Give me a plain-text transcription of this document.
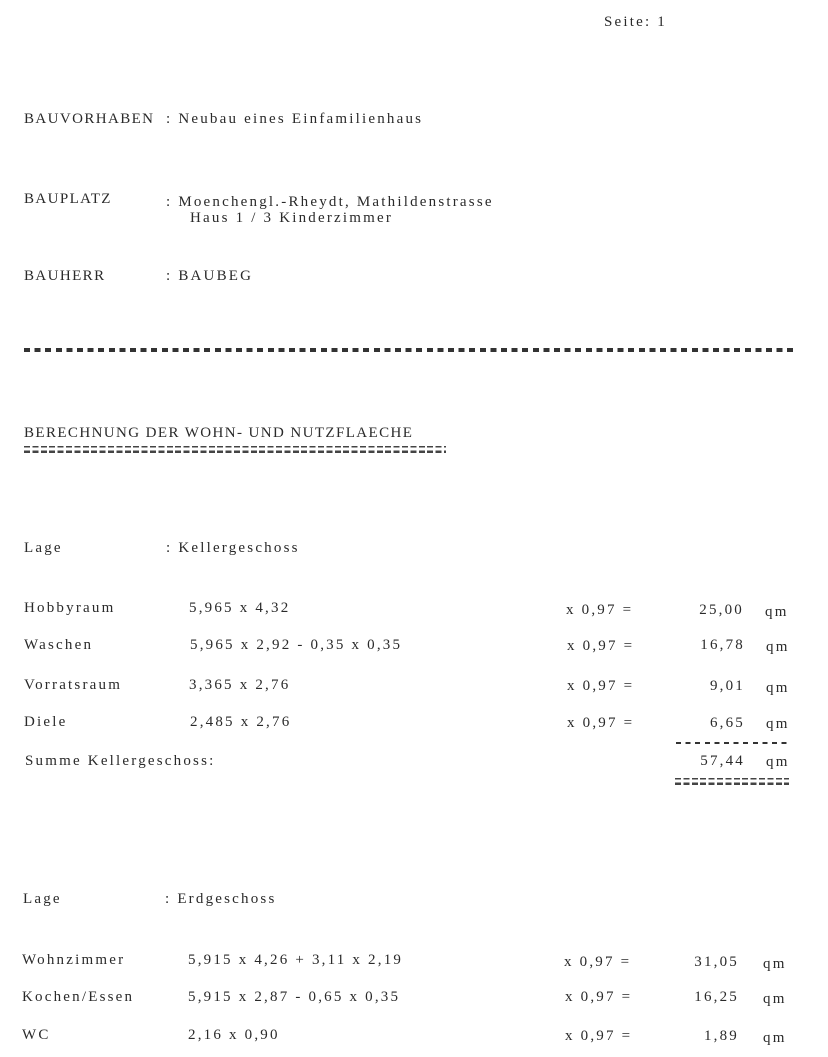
Seite: 1
BAUVORHABEN : Neubau eines Einfamilienhaus
BAUPLATZ	: Moenchengl.-Rheydt, Mathildenstrasse
Haus 1 / 3 Kinderzimmer
BAUHERR	: BAUBEG
BERECHNUNG DER WOHN- UND NUTZFLAECHE
Lage	: Kellergeschoss
Hobbyraum	5,965 x 4,32	x 0,97 =	25,00 qm
Waschen	5,965 x 2,92 - 0,35 x 0,35	x 0,97 =	16,78 qm
Vorratsraum	3,365 x 2,76	x 0,97 =	9,01 qm
Diele	2,485 x 2,76	x 0,97 =	6,65 qm
Summe Kellergeschoss:	57,44 qm
Lage	: Erdgeschoss
Wohnzimmer	5,915 x 4,26 + 3,11 x 2,19	x 0,97 =	31,05 qm
Kochen/Essen	5,915 x 2,87 - 0,65 x 0,35	x 0,97 =	16,25 qm
WC	2,16 x 0,90	x 0,97 =	1,89 qm
